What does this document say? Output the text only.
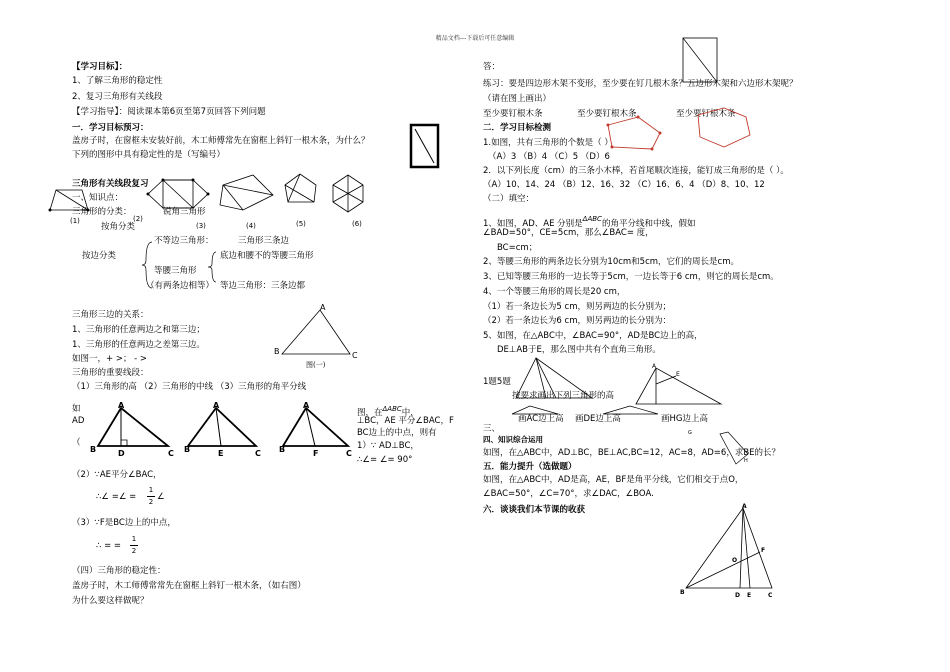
精品文档---下载后可任意编辑
【学习目标】：
1、了解三角形的稳定性
2、复习三角形有关线段
【学习指导】：阅读课本第6页至第7页回答下列问题
一．学习目标预习：
盖房子时，在窗框未安装好前，木工师傅常先在窗框上斜钉一根木条，为什么？
下列的图形中具有稳定性的是（写编号）
(1)	(2)
(3)	(4)	(5)	(6)
三角形有关线段复习
一、知识点：
三角形的分类：	锐角三角形
按角分类
不等边三角形：	三角形三条边
按边分类	底边和腰不的等腰三角形
等腰三角形
（有两条边相等） 等边三角形：三条边都
三角形三边的关系：
1、三角形的任意两边之和第三边；
1、三角形的任意两边之差第三边。
如图一，+ >； - >
三角形的重要线段：
（1）三角形的高 （2）三角形的中线 （3）三角形的角平分线
B
A
C
图(一)
A
B	D	C
A
B	E	C
A
B	F	C
如
AD
（
图，在$^{\Delta ABC}$中，
⊥BC，AE 平分∠BAC，F
BC边上的中点，则有
1）∵ AD⊥BC，
∴∠= ∠= 90°
（2）∵AE平分∠BAC，
∴∠ =∠ =
1
2 ∠
（3）∵F是BC边上的中点，
∴ = =
1
2
（四）三角形的稳定性：
盖房子时，木工师傅常常先在窗框上斜钉一根木条，（如右图）
为什么要这样做呢？
答：
练习：要是四边形木架不变形，至少要在钉几根木条？五边形木架和六边形木架呢？
（请在图上画出）
至少要钉根木条	至少要钉根木条	至少要钉根木条
二．学习目标检测
1.如图，共有三角形的个数是（ ）
（A）3 （B）4 （C）5 （D）6
2．以下列长度（cm）的三条小木棒，若首尾顺次连接，能钉成三角形的是（ ）。
（A）10、14、24 （B）12、16、32 （C）16、6、4 （D）8、10、12
（二）填空：
1、如图，AD、AE 分别是$^{\Delta ABC}$的角平分线和中线，假如
∠BAD=50°，CE=5cm，那么∠BAC= 度，
BC=cm；
2、等腰三角形的两条边长分别为10cm和5cm，它们的周长是cm。
3、已知等腰三角形的一边长等于5cm，一边长等于6 cm，则它的周长是cm。
4、一个等腰三角形的周长是20 cm，
（1）若一条边长为5 cm，则另两边的长分别为；
（2）若一条边长为6 cm，则另两边的长分别为：
5、如图，在△ABC中，∠BAC=90°，AD是BC边上的高，
DE⊥AB于E，那么图中共有个直角三角形。
A
E
1题5题
三、
按要求画出下列三角形的高
G
H
画AC边上高 画DE边上高	画HG边上高
四、知识综合运用
如图，在△ABC中，AD⊥BC，BE⊥AC,BC=12，AC=8，AD=6，求BE的长？
五．能力提升（选做题）
如图，在△ABC中，AD是高，AE，BF是角平分线，它们相交于点O，
∠BAC=50°，∠C=70°，求∠DAC，∠BOA.
六．谈谈我们本节课的收获	A
B	D E	C
F
O
